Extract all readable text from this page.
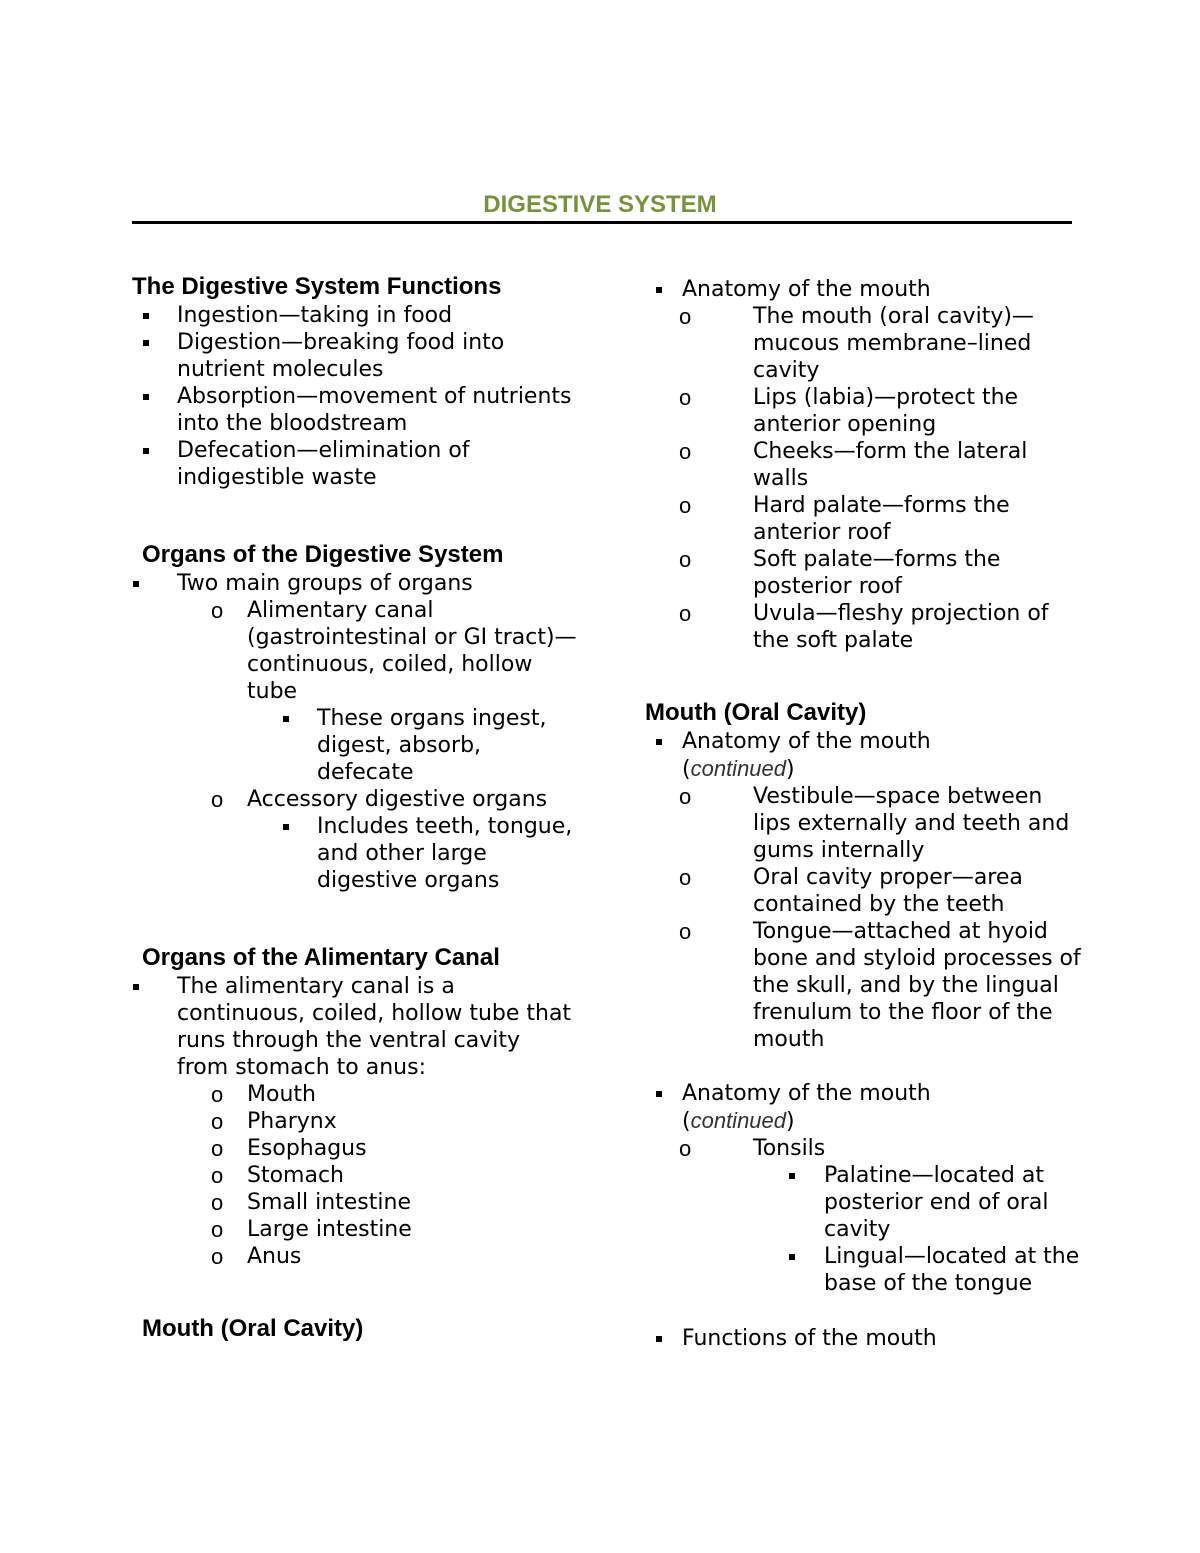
DIGESTIVE SYSTEM
The Digestive System Functions
Ingestion—taking in food
Digestion—breaking food into nutrient molecules
Absorption—movement of nutrients into the bloodstream
Defecation—elimination of indigestible waste
Organs of the Digestive System
Two main groups of organs
o Alimentary canal (gastrointestinal or GI tract)—continuous, coiled, hollow tube
These organs ingest, digest, absorb, defecate
o Accessory digestive organs
Includes teeth, tongue, and other large digestive organs
Organs of the Alimentary Canal
The alimentary canal is a continuous, coiled, hollow tube that runs through the ventral cavity from stomach to anus:
o Mouth
o Pharynx
o Esophagus
o Stomach
o Small intestine
o Large intestine
o Anus
Mouth (Oral Cavity)
Anatomy of the mouth
o The mouth (oral cavity)—mucous membrane–lined cavity
o Lips (labia)—protect the anterior opening
o Cheeks—form the lateral walls
o Hard palate—forms the anterior roof
o Soft palate—forms the posterior roof
o Uvula—fleshy projection of the soft palate
Mouth (Oral Cavity)
Anatomy of the mouth
(continued)
o Vestibule—space between lips externally and teeth and gums internally
o Oral cavity proper—area contained by the teeth
o Tongue—attached at hyoid bone and styloid processes of the skull, and by the lingual frenulum to the floor of the mouth
Anatomy of the mouth
(continued)
o Tonsils
Palatine—located at posterior end of oral cavity
Lingual—located at the base of the tongue
Functions of the mouth
